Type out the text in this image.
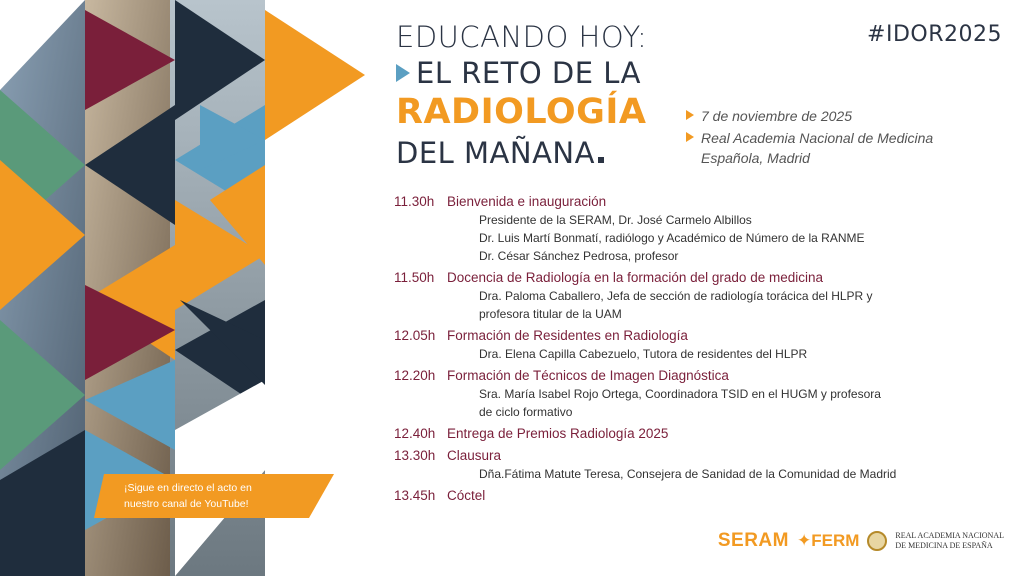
EDUCANDO HOY:
EL RETO DE LA
RADIOLOGÍA
DEL MAÑANA
#IDOR2025
7 de noviembre de 2025
Real Academia Nacional de Medicina
Española, Madrid
11.30h Bienvenida e inauguración
Presidente de la SERAM, Dr. José Carmelo Albillos
Dr. Luis Martí Bonmatí, radiólogo y Académico de Número de la RANME
Dr. César Sánchez Pedrosa, profesor
11.50h Docencia de Radiología en la formación del grado de medicina
Dra. Paloma Caballero, Jefa de sección de radiología torácica del HLPR y
profesora titular de la UAM
12.05h Formación de Residentes en Radiología
Dra. Elena Capilla Cabezuelo, Tutora de residentes del HLPR
12.20h Formación de Técnicos de Imagen Diagnóstica
Sra. María Isabel Rojo Ortega, Coordinadora TSID en el HUGM y profesora
de ciclo formativo
12.40h Entrega de Premios Radiología 2025
13.30h Clausura
Dña.Fátima Matute Teresa, Consejera de Sanidad de la Comunidad de Madrid
13.45h Cóctel
¡Sigue en directo el acto en
nuestro canal de YouTube!
SERAM ✦FERM	REAL ACADEMIA NACIONAL
DE MEDICINA DE ESPAÑA
